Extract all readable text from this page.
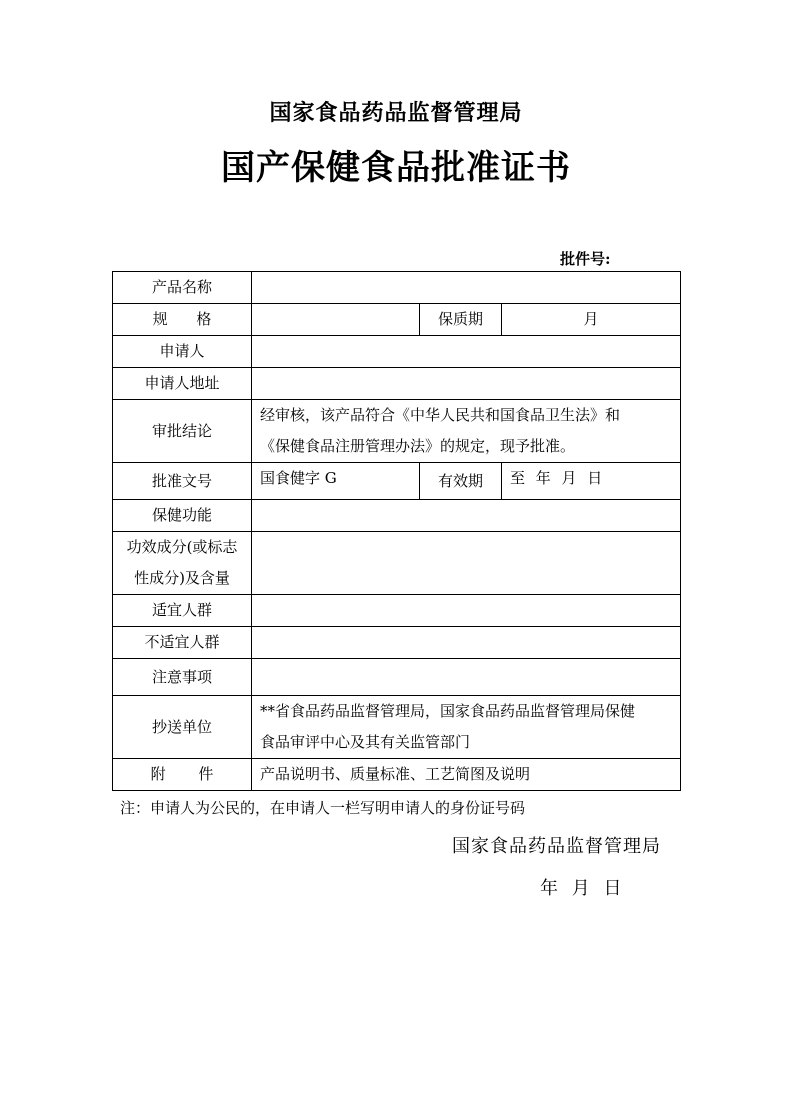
国家食品药品监督管理局
国产保健食品批准证书
批件号:
产品名称			
规 格		保质期	月
申请人			
申请人地址			
审批结论	经审核，该产品符合《中华人民共和国食品卫生法》和
《保健食品注册管理办法》的规定，现予批准。		

批准文号	国食健字 G	有效期	至 年 月 日
保健功能			

功效成分(或标志
性成分)及含量			

适宜人群			
不适宜人群			
注意事项			
抄送单位	**省食品药品监督管理局，国家食品药品监督管理局保健
食品审评中心及其有关监管部门		

附 件	产品说明书、质量标准、工艺简图及说明		
注：申请人为公民的，在申请人一栏写明申请人的身份证号码
国家食品药品监督管理局
年 月 日
